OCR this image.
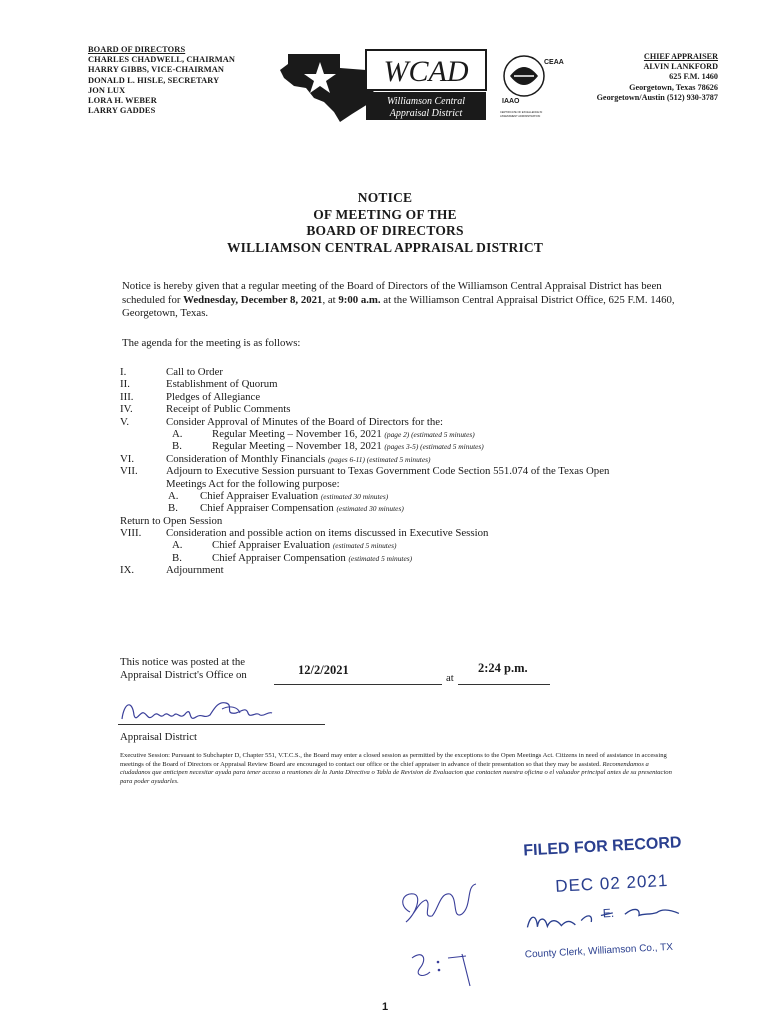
BOARD OF DIRECTORS
CHARLES CHADWELL, CHAIRMAN
HARRY GIBBS, VICE-CHAIRMAN
DONALD L. HISLE, SECRETARY
JON LUX
LORA H. WEBER
LARRY GADDES
WCAD
Williamson Central
Appraisal District
CEAA
IAAO
CERTIFICATE OF EXCELLENCE IN
ASSESSMENT ADMINISTRATION
CHIEF APPRAISER
ALVIN LANKFORD
625 F.M. 1460
Georgetown, Texas 78626
Georgetown/Austin (512) 930-3787
NOTICE
OF MEETING OF THE
BOARD OF DIRECTORS
WILLIAMSON CENTRAL APPRAISAL DISTRICT
Notice is hereby given that a regular meeting of the Board of Directors of the Williamson Central Appraisal District has been scheduled for Wednesday, December 8, 2021, at 9:00 a.m. at the Williamson Central Appraisal District Office, 625 F.M. 1460, Georgetown, Texas.
The agenda for the meeting is as follows:
I.	Call to Order
II.	Establishment of Quorum
III.	Pledges of Allegiance
IV.	Receipt of Public Comments
V.	Consider Approval of Minutes of the Board of Directors for the:
A.	Regular Meeting – November 16, 2021 (page 2) (estimated 5 minutes)
B.	Regular Meeting – November 18, 2021 (pages 3-5) (estimated 5 minutes)
VI.	Consideration of Monthly Financials (pages 6-11) (estimated 5 minutes)
VII.	Adjourn to Executive Session pursuant to Texas Government Code Section 551.074 of the Texas Open
Meetings Act for the following purpose:
A. Chief Appraiser Evaluation (estimated 30 minutes)
B. Chief Appraiser Compensation (estimated 30 minutes)
Return to Open Session
VIII. Consideration and possible action on items discussed in Executive Session
A.	Chief Appraiser Evaluation (estimated 5 minutes)
B.	Chief Appraiser Compensation (estimated 5 minutes)
IX.	Adjournment
This notice was posted at the
Appraisal District's Office on	12/2/2021
at
2:24 p.m.
Appraisal District
Executive Session: Pursuant to Subchapter D, Chapter 551, V.T.C.S., the Board may enter a closed session as permitted by the exceptions to the Open Meetings Act. Citizens in need of assistance in accessing meetings of the Board of Directors or Appraisal Review Board are encouraged to contact our office or the chief appraiser in advance of their presentation so that they may be assisted. Recomendamos a ciudadanos que anticipen necesitar ayuda para tener acceso a reuniones de la Junta Directiva o Tabla de Revision de Evaluacion que contacten nuestra oficina o el valuador principal antes de su presentacion para poder ayudarles.
FILED FOR RECORD
DEC 02 2021
E.
County Clerk, Williamson Co., TX
1
